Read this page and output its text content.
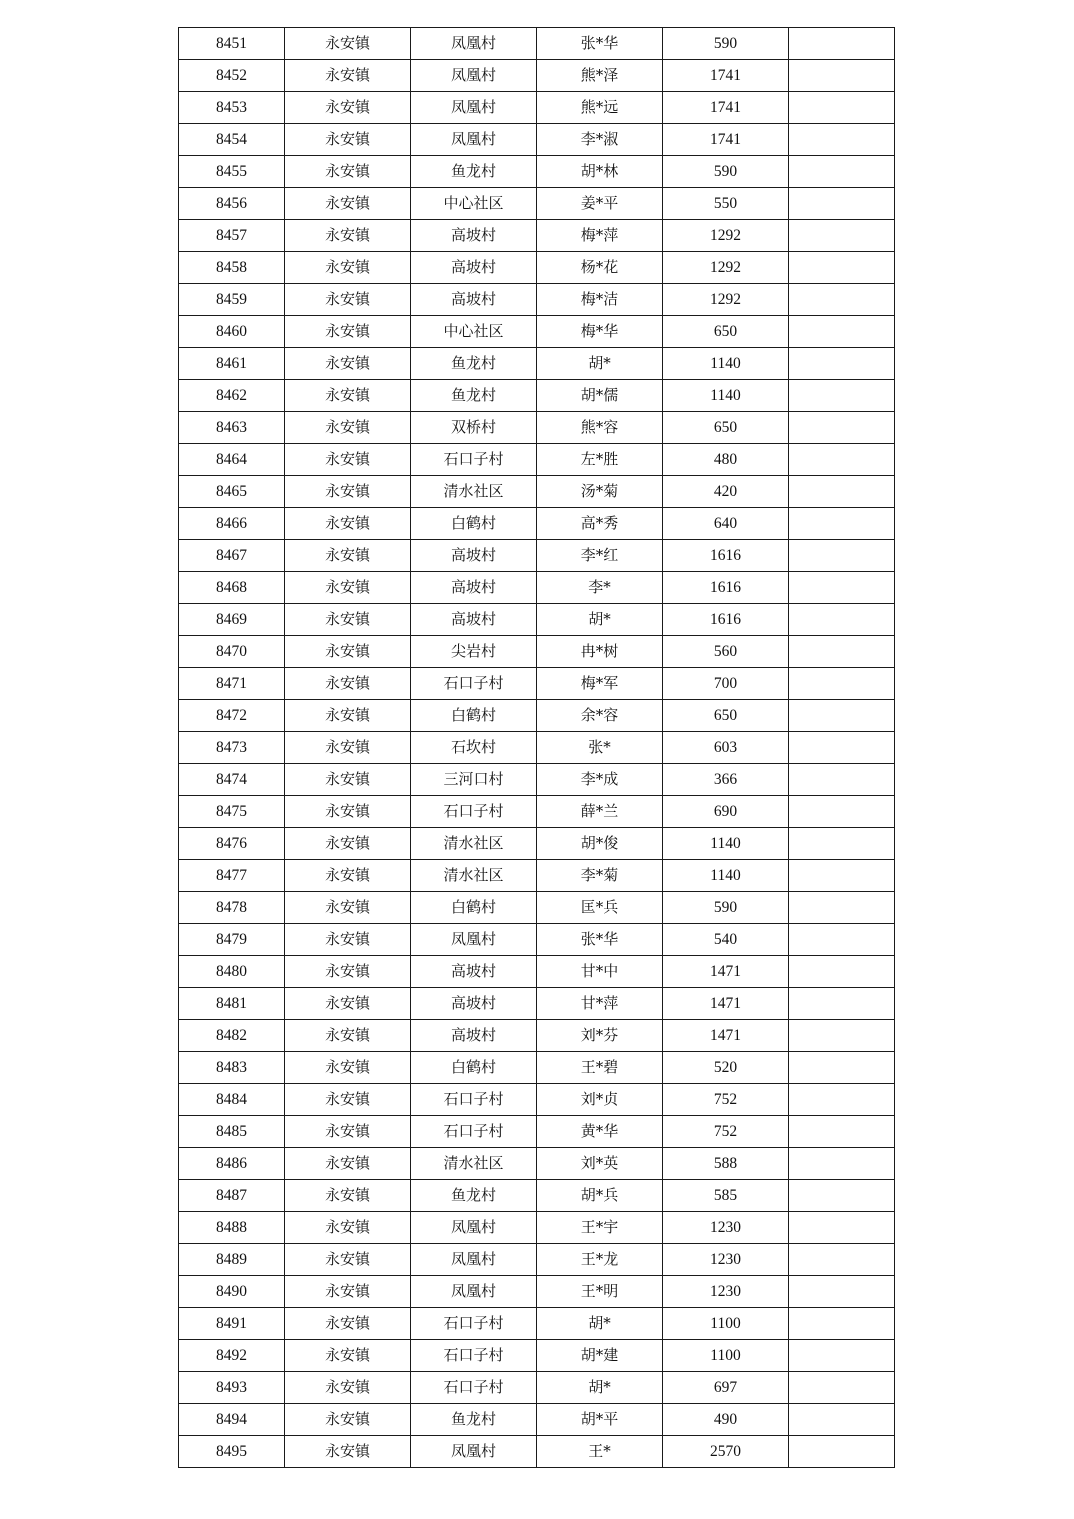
8451	永安镇	凤凰村	张*华	590	
8452	永安镇	凤凰村	熊*泽	1741	
8453	永安镇	凤凰村	熊*远	1741	
8454	永安镇	凤凰村	李*淑	1741	
8455	永安镇	鱼龙村	胡*林	590	
8456	永安镇	中心社区	姜*平	550	
8457	永安镇	高坡村	梅*萍	1292	
8458	永安镇	高坡村	杨*花	1292	
8459	永安镇	高坡村	梅*洁	1292	
8460	永安镇	中心社区	梅*华	650	
8461	永安镇	鱼龙村	胡*	1140	
8462	永安镇	鱼龙村	胡*儒	1140	
8463	永安镇	双桥村	熊*容	650	
8464	永安镇	石口子村	左*胜	480	
8465	永安镇	清水社区	汤*菊	420	
8466	永安镇	白鹤村	高*秀	640	
8467	永安镇	高坡村	李*红	1616	
8468	永安镇	高坡村	李*	1616	
8469	永安镇	高坡村	胡*	1616	
8470	永安镇	尖岩村	冉*树	560	
8471	永安镇	石口子村	梅*军	700	
8472	永安镇	白鹤村	余*容	650	
8473	永安镇	石坎村	张*	603	
8474	永安镇	三河口村	李*成	366	
8475	永安镇	石口子村	薛*兰	690	
8476	永安镇	清水社区	胡*俊	1140	
8477	永安镇	清水社区	李*菊	1140	
8478	永安镇	白鹤村	匡*兵	590	
8479	永安镇	凤凰村	张*华	540	
8480	永安镇	高坡村	甘*中	1471	
8481	永安镇	高坡村	甘*萍	1471	
8482	永安镇	高坡村	刘*芬	1471	
8483	永安镇	白鹤村	王*碧	520	
8484	永安镇	石口子村	刘*贞	752	
8485	永安镇	石口子村	黄*华	752	
8486	永安镇	清水社区	刘*英	588	
8487	永安镇	鱼龙村	胡*兵	585	
8488	永安镇	凤凰村	王*宇	1230	
8489	永安镇	凤凰村	王*龙	1230	
8490	永安镇	凤凰村	王*明	1230	
8491	永安镇	石口子村	胡*	1100	
8492	永安镇	石口子村	胡*建	1100	
8493	永安镇	石口子村	胡*	697	
8494	永安镇	鱼龙村	胡*平	490	
8495	永安镇	凤凰村	王*	2570	
